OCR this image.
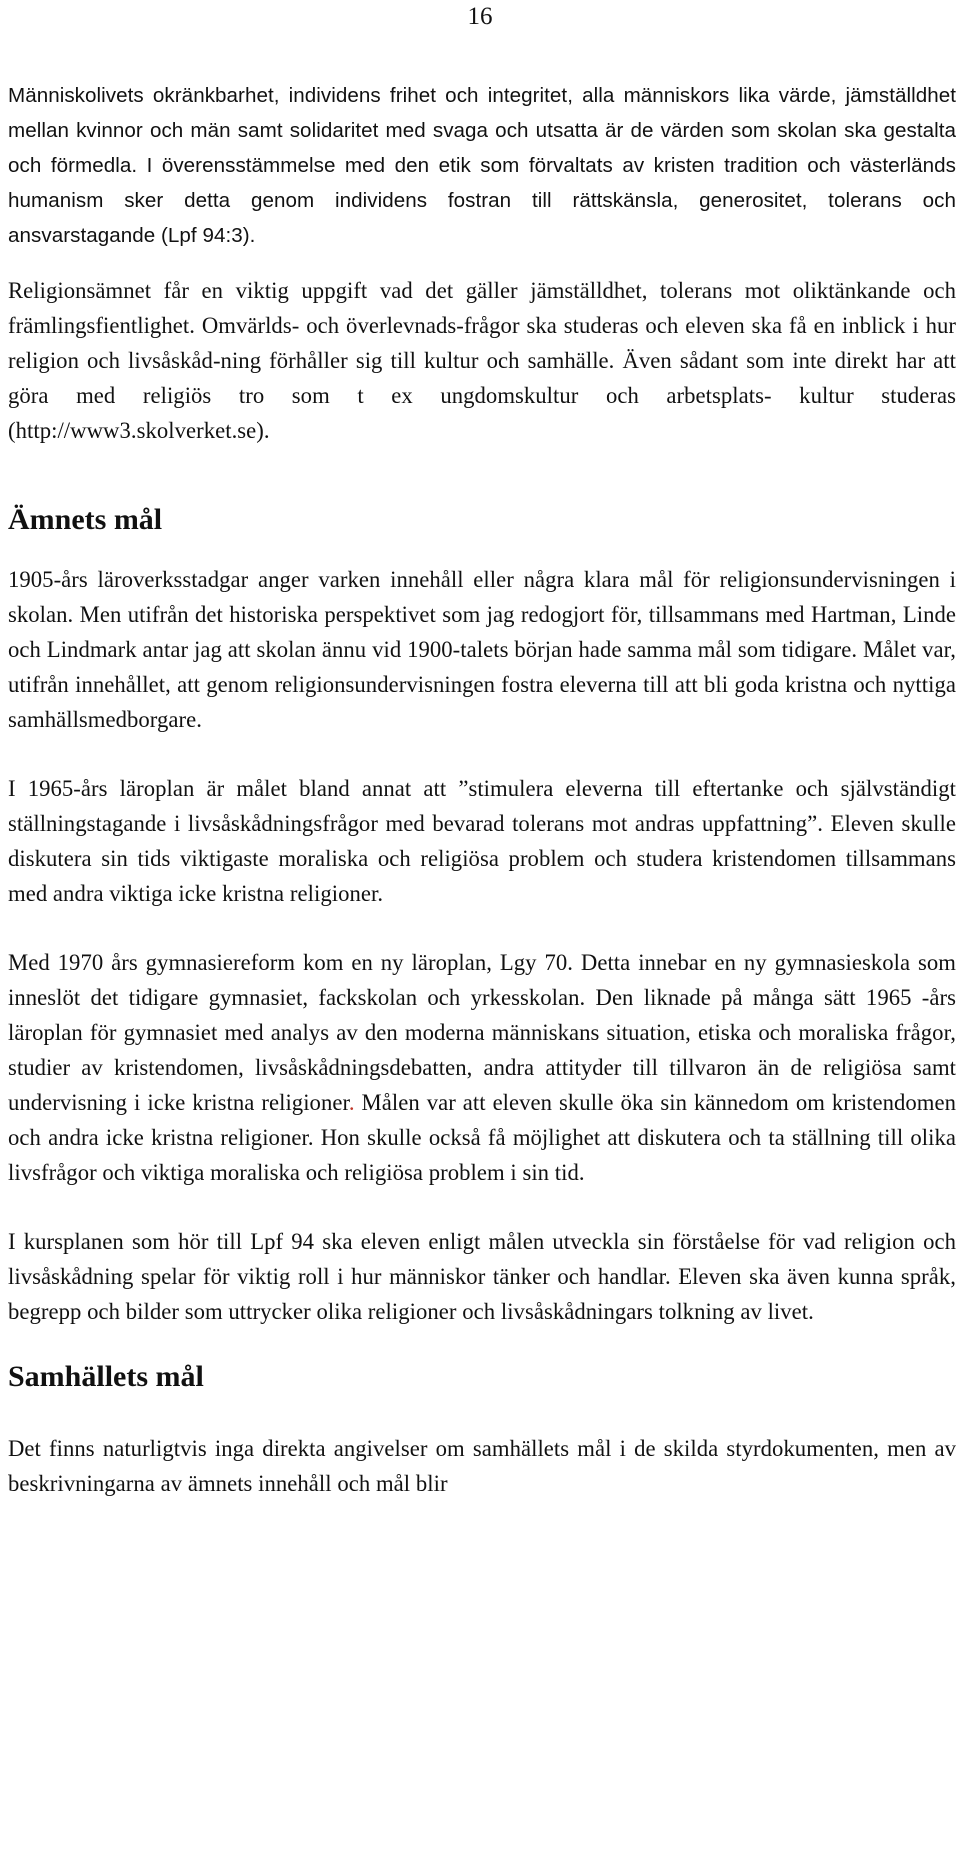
16

Människolivets okränkbarhet, individens frihet och integritet, alla människors lika värde, jämställdhet mellan kvinnor och män samt solidaritet med svaga och utsatta är de värden som skolan ska gestalta och förmedla. I överensstämmelse med den etik som förvaltats av kristen tradition och västerländs humanism sker detta genom individens fostran till rättskänsla, generositet, tolerans och ansvarstagande (Lpf 94:3).

Religionsämnet får en viktig uppgift vad det gäller jämställdhet, tolerans mot oliktänkande och främlingsfientlighet. Omvärlds- och överlevnads-frågor ska studeras och eleven ska få en inblick i hur religion och livsåskåd-ning förhåller sig till kultur och samhälle. Även sådant som inte direkt har att göra med religiös tro som t ex ungdomskultur och arbetsplats- kultur studeras (http://www3.skolverket.se).

Ämnets mål

1905-års läroverksstadgar anger varken innehåll eller några klara mål för religionsundervisningen i skolan. Men utifrån det historiska perspektivet som jag redogjort för, tillsammans med Hartman, Linde och Lindmark antar jag att skolan ännu vid 1900-talets början hade samma mål som tidigare. Målet var, utifrån innehållet, att genom religionsundervisningen fostra eleverna till att bli goda kristna och nyttiga samhällsmedborgare.

I 1965-års läroplan är målet bland annat att ”stimulera eleverna till eftertanke och självständigt ställningstagande i livsåskådningsfrågor med bevarad tolerans mot andras uppfattning”. Eleven skulle diskutera sin tids viktigaste moraliska och religiösa problem och studera kristendomen tillsammans med andra viktiga icke kristna religioner.

Med 1970 års gymnasiereform kom en ny läroplan, Lgy 70. Detta innebar en ny gymnasieskola som inneslöt det tidigare gymnasiet, fackskolan och yrkesskolan. Den liknade på många sätt 1965 -års läroplan för gymnasiet med analys av den moderna människans situation, etiska och moraliska frågor, studier av kristendomen, livsåskådningsdebatten, andra attityder till tillvaron än de religiösa samt undervisning i icke kristna religioner. Målen var att eleven skulle öka sin kännedom om kristendomen och andra icke kristna religioner. Hon skulle också få möjlighet att diskutera och ta ställning till olika livsfrågor och viktiga moraliska och religiösa problem i sin tid.

I kursplanen som hör till Lpf 94 ska eleven enligt målen utveckla sin förståelse för vad religion och livsåskådning spelar för viktig roll i hur människor tänker och handlar. Eleven ska även kunna språk, begrepp och bilder som uttrycker olika religioner och livsåskådningars tolkning av livet.

Samhällets mål

Det finns naturligtvis inga direkta angivelser om samhällets mål i de skilda styrdokumenten, men av beskrivningarna av ämnets innehåll och mål blir
